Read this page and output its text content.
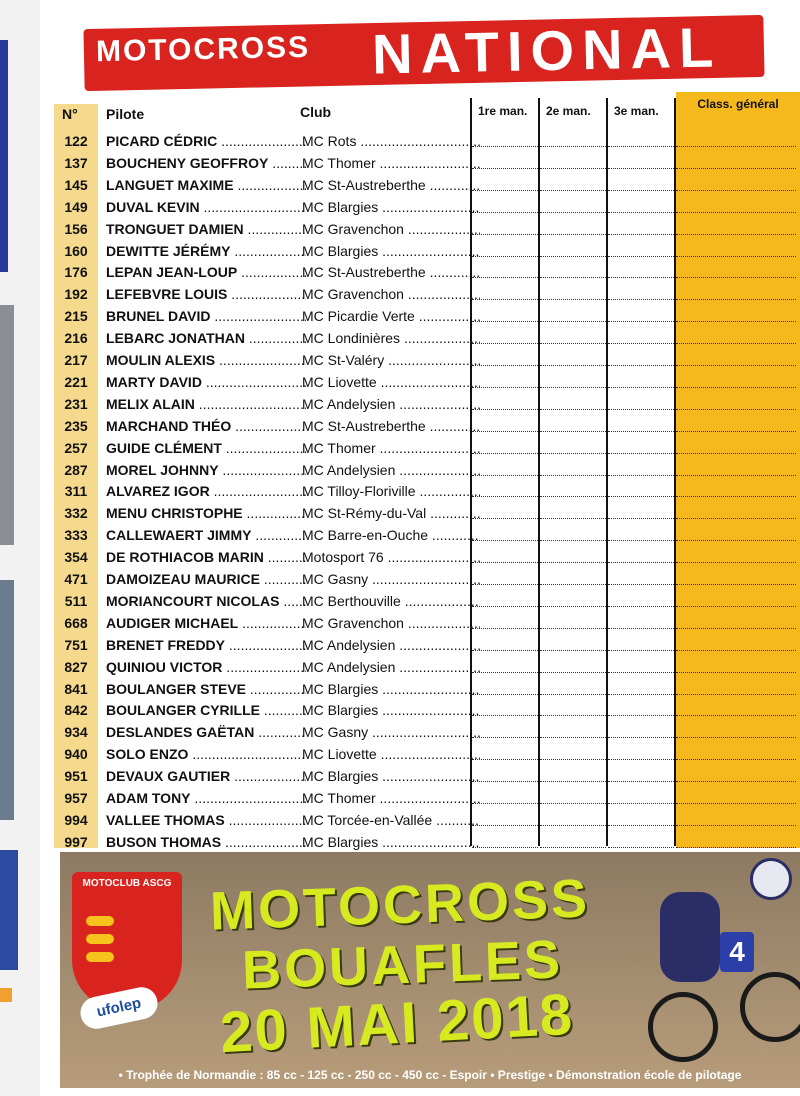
MOTOCROSS NATIONAL
N° Pilote	Club	1re man. 2e man. 3e man.	Class. général
122	PICARD CÉDRIC .....	MC Rots .....
137	BOUCHENY GEOFFROY .....	MC Thomer .....
145	LANGUET MAXIME .....	MC St-Austreberthe .....
149	DUVAL KEVIN .....	MC Blargies .....
156	TRONGUET DAMIEN .....	MC Gravenchon .....
160	DEWITTE JÉRÉMY .....	MC Blargies .....
176	LEPAN JEAN-LOUP .....	MC St-Austreberthe .....
192	LEFEBVRE LOUIS .....	MC Gravenchon .....
215	BRUNEL DAVID .....	MC Picardie Verte .....
216	LEBARC JONATHAN .....	MC Londinières .....
217	MOULIN ALEXIS .....	MC St-Valéry .....
221	MARTY DAVID .....	MC Liovette .....
231	MELIX ALAIN .....	MC Andelysien .....
235	MARCHAND THÉO .....	MC St-Austreberthe .....
257	GUIDE CLÉMENT .....	MC Thomer .....
287	MOREL JOHNNY .....	MC Andelysien .....
311	ALVAREZ IGOR .....	MC Tilloy-Floriville .....
332	MENU CHRISTOPHE .....	MC St-Rémy-du-Val .....
333	CALLEWAERT JIMMY .....	MC Barre-en-Ouche .....
354	DE ROTHIACOB MARIN .....	Motosport 76 .....
471	DAMOIZEAU MAURICE .....	MC Gasny .....
511	MORIANCOURT NICOLAS .....	MC Berthouville .....
668	AUDIGER MICHAEL .....	MC Gravenchon .....
751	BRENET FREDDY .....	MC Andelysien .....
827	QUINIOU VICTOR .....	MC Andelysien .....
841	BOULANGER STEVE .....	MC Blargies .....
842	BOULANGER CYRILLE .....	MC Blargies .....
934	DESLANDES GAËTAN .....	MC Gasny .....
940	SOLO ENZO .....	MC Liovette .....
951	DEVAUX GAUTIER .....	MC Blargies .....
957	ADAM TONY .....	MC Thomer .....
994	VALLEE THOMAS .....	MC Torcée-en-Vallée .....
997	BUSON THOMAS .....	MC Blargies .....
MOTOCLUB ASCG
ufolep
MOTOCROSS
BOUAFLES
20 MAI 2018
4
• Trophée de Normandie : 85 cc - 125 cc - 250 cc - 450 cc - Espoir • Prestige • Démonstration école de pilotage
